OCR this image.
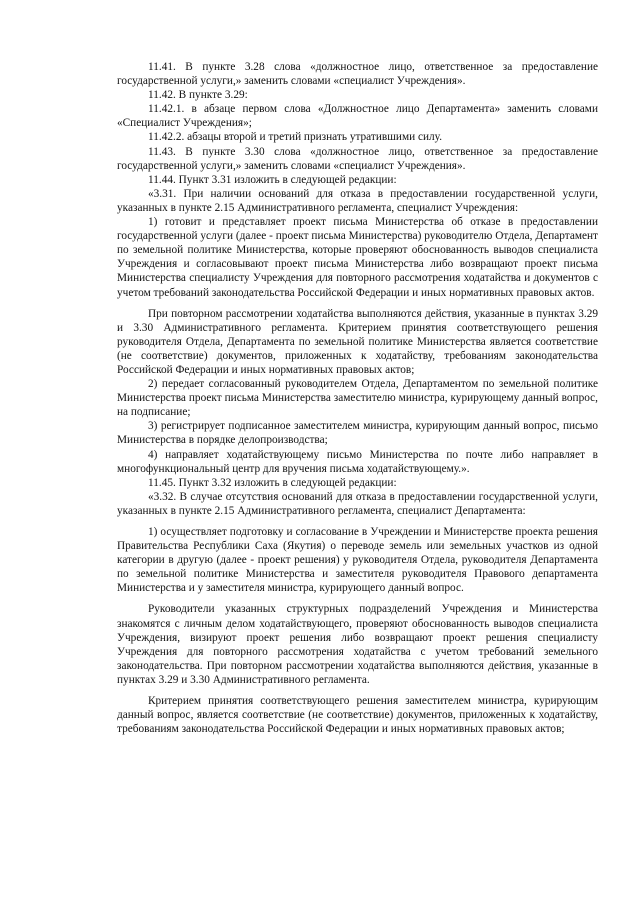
11.41. В пункте 3.28 слова «должностное лицо, ответственное за предоставление государственной услуги,» заменить словами «специалист Учреждения».

11.42. В пункте 3.29:

11.42.1. в абзаце первом слова «Должностное лицо Департамента» заменить словами «Специалист Учреждения»;

11.42.2. абзацы второй и третий признать утратившими силу.

11.43. В пункте 3.30 слова «должностное лицо, ответственное за предоставление государственной услуги,» заменить словами «специалист Учреждения».

11.44. Пункт 3.31 изложить в следующей редакции:

«3.31. При наличии оснований для отказа в предоставлении государственной услуги, указанных в пункте 2.15 Административного регламента, специалист Учреждения:

1) готовит и представляет проект письма Министерства об отказе в предоставлении государственной услуги (далее - проект письма Министерства) руководителю Отдела, Департамент по земельной политике Министерства, которые проверяют обоснованность выводов специалиста Учреждения и согласовывают проект письма Министерства либо возвращают проект письма Министерства специалисту Учреждения для повторного рассмотрения ходатайства и документов с учетом требований законодательства Российской Федерации и иных нормативных правовых актов.

При повторном рассмотрении ходатайства выполняются действия, указанные в пунктах 3.29 и 3.30 Административного регламента. Критерием принятия соответствующего решения руководителя Отдела, Департамента по земельной политике Министерства является соответствие (не соответствие) документов, приложенных к ходатайству, требованиям законодательства Российской Федерации и иных нормативных правовых актов;

2) передает согласованный руководителем Отдела, Департаментом по земельной политике Министерства проект письма Министерства заместителю министра, курирующему данный вопрос, на подписание;

3) регистрирует подписанное заместителем министра, курирующим данный вопрос, письмо Министерства в порядке делопроизводства;

4) направляет ходатайствующему письмо Министерства по почте либо направляет в многофункциональный центр для вручения письма ходатайствующему.».

11.45. Пункт 3.32 изложить в следующей редакции:

«3.32. В случае отсутствия оснований для отказа в предоставлении государственной услуги, указанных в пункте 2.15 Административного регламента, специалист Департамента:

1) осуществляет подготовку и согласование в Учреждении и Министерстве проекта решения Правительства Республики Саха (Якутия) о переводе земель или земельных участков из одной категории в другую (далее - проект решения) у руководителя Отдела, руководителя Департамента по земельной политике Министерства и заместителя руководителя Правового департамента Министерства и у заместителя министра, курирующего данный вопрос.

Руководители указанных структурных подразделений Учреждения и Министерства знакомятся с личным делом ходатайствующего, проверяют обоснованность выводов специалиста Учреждения, визируют проект решения либо возвращают проект решения специалисту Учреждения для повторного рассмотрения ходатайства с учетом требований земельного законодательства. При повторном рассмотрении ходатайства выполняются действия, указанные в пунктах 3.29 и 3.30 Административного регламента.

Критерием принятия соответствующего решения заместителем министра, курирующим данный вопрос, является соответствие (не соответствие) документов, приложенных к ходатайству, требованиям законодательства Российской Федерации и иных нормативных правовых актов;
